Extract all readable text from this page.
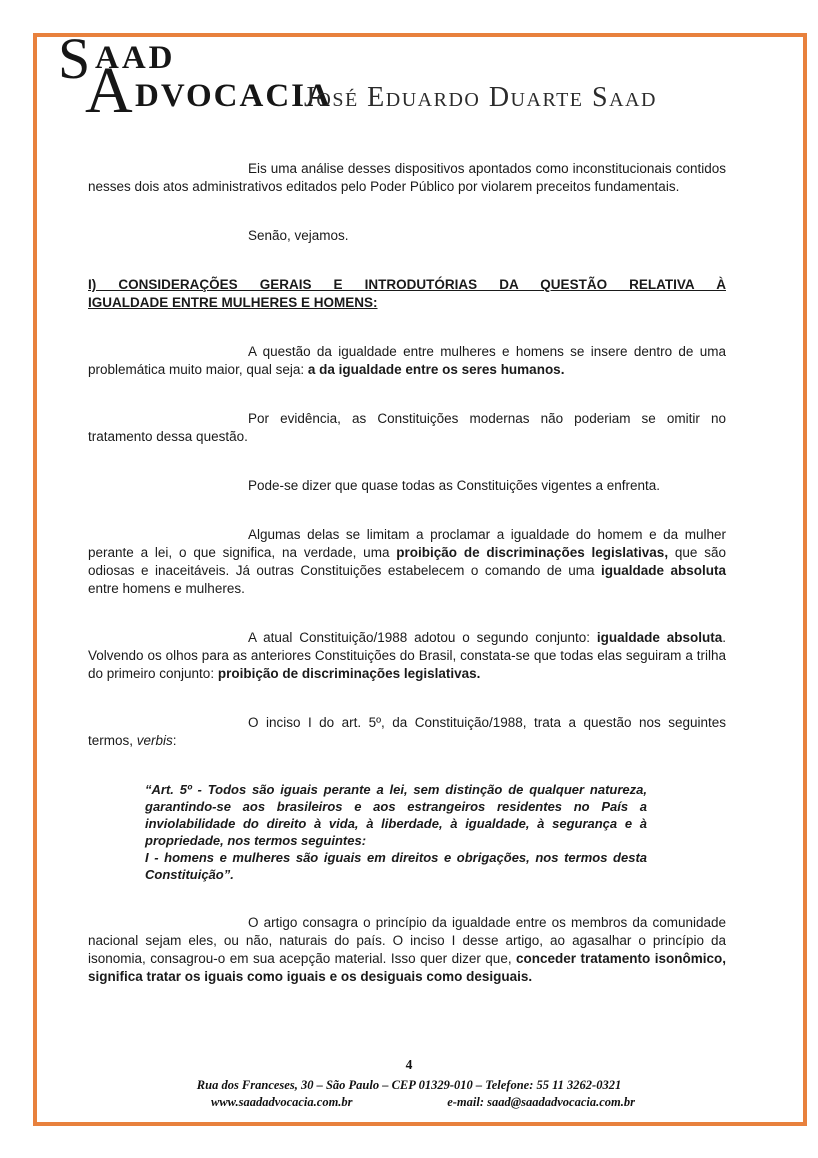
S AAD
A DVOCACIA
José Eduardo Duarte Saad

Eis uma análise desses dispositivos apontados como inconstitucionais contidos nesses dois atos administrativos editados pelo Poder Público por violarem preceitos fundamentais.

Senão, vejamos.

I) CONSIDERAÇÕES GERAIS E INTRODUTÓRIAS DA QUESTÃO RELATIVA À
IGUALDADE ENTRE MULHERES E HOMENS:

A questão da igualdade entre mulheres e homens se insere dentro de uma problemática muito maior, qual seja: a da igualdade entre os seres humanos.

Por evidência, as Constituições modernas não poderiam se omitir no tratamento dessa questão.

Pode-se dizer que quase todas as Constituições vigentes a enfrenta.

Algumas delas se limitam a proclamar a igualdade do homem e da mulher perante a lei, o que significa, na verdade, uma proibição de discriminações legislativas, que são odiosas e inaceitáveis. Já outras Constituições estabelecem o comando de uma igualdade absoluta entre homens e mulheres.

A atual Constituição/1988 adotou o segundo conjunto: igualdade absoluta. Volvendo os olhos para as anteriores Constituições do Brasil, constata-se que todas elas seguiram a trilha do primeiro conjunto: proibição de discriminações legislativas.

O inciso I do art. 5º, da Constituição/1988, trata a questão nos seguintes termos, verbis:

“Art. 5º - Todos são iguais perante a lei, sem distinção de qualquer natureza, garantindo-se aos brasileiros e aos estrangeiros residentes no País a inviolabilidade do direito à vida, à liberdade, à igualdade, à segurança e à propriedade, nos termos seguintes:

I - homens e mulheres são iguais em direitos e obrigações, nos termos desta Constituição”.

O artigo consagra o princípio da igualdade entre os membros da comunidade nacional sejam eles, ou não, naturais do país. O inciso I desse artigo, ao agasalhar o princípio da isonomia, consagrou-o em sua acepção material. Isso quer dizer que, conceder tratamento isonômico, significa tratar os iguais como iguais e os desiguais como desiguais.

4
Rua dos Franceses, 30 – São Paulo – CEP 01329-010 – Telefone: 55 11 3262-0321
www.saadadvocacia.com.br	e-mail: saad@saadadvocacia.com.br
